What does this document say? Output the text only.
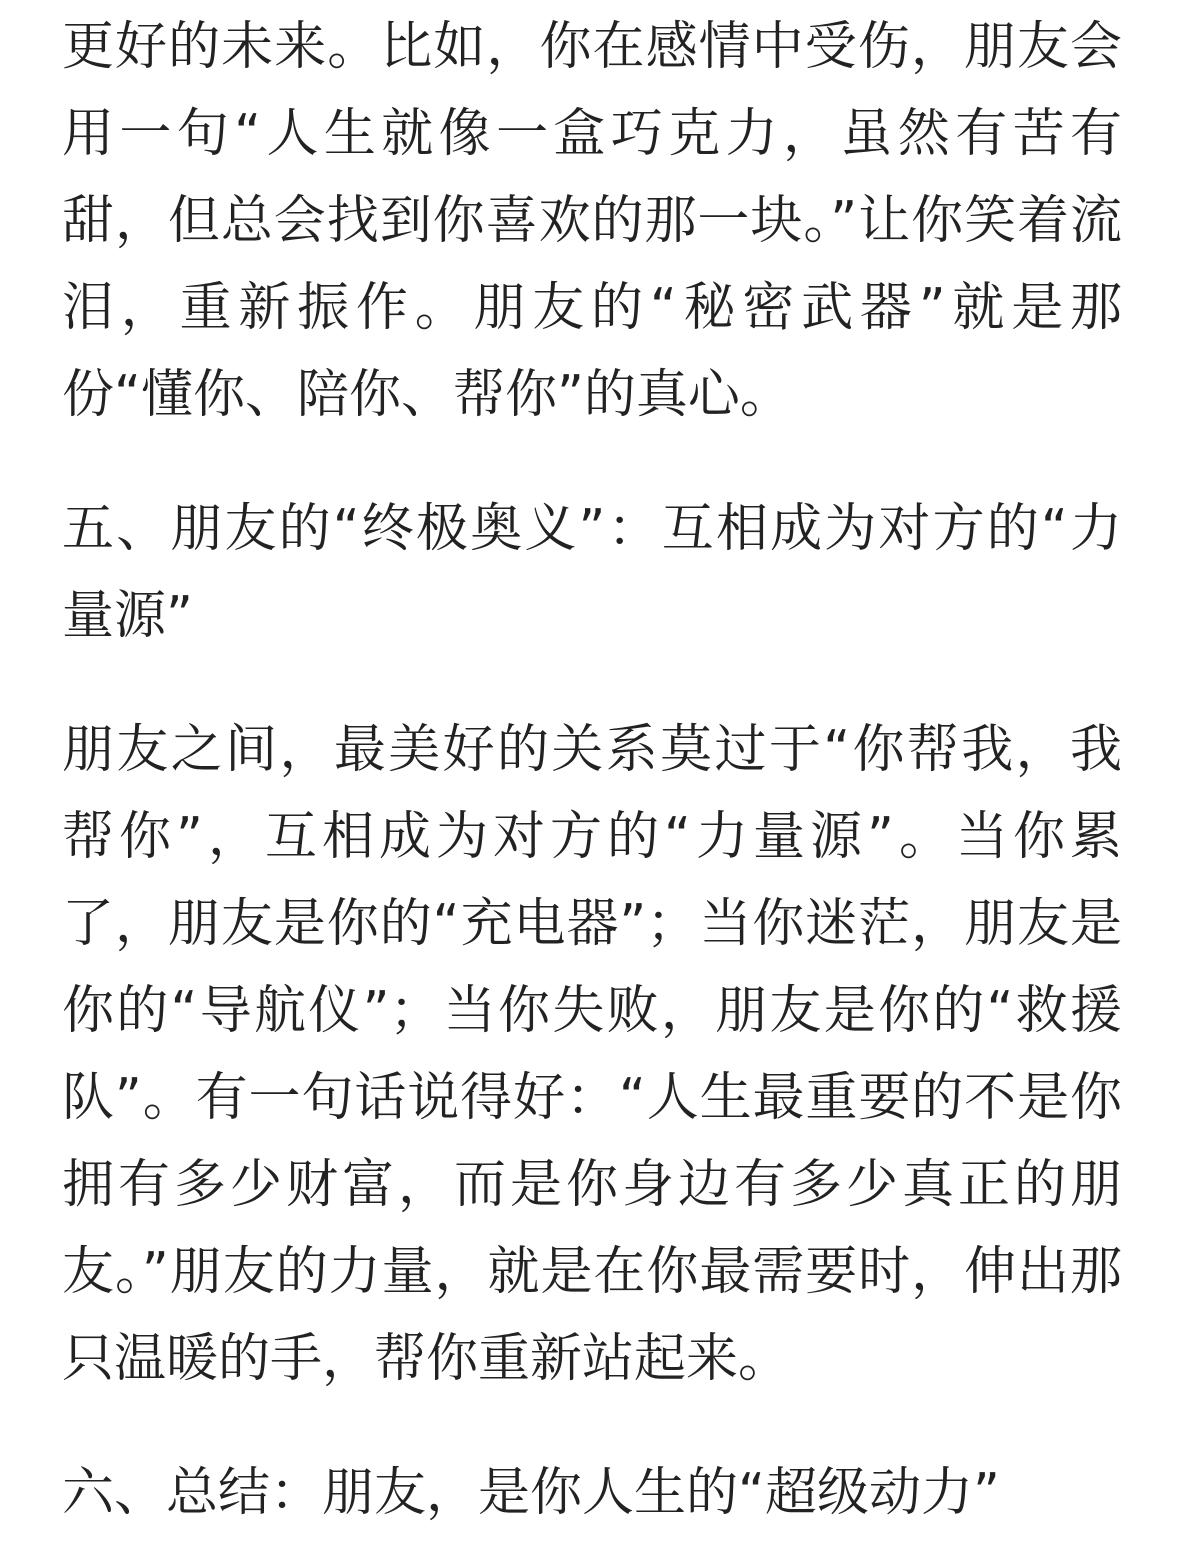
更好的未来。比如，你在感情中受伤，朋友会用一句“人生就像一盒巧克力，虽然有苦有甜，但总会找到你喜欢的那一块。”让你笑着流泪，重新振作。朋友的“秘密武器”就是那份“懂你、陪你、帮你”的真心。

五、朋友的“终极奥义”：互相成为对方的“力量源”

朋友之间，最美好的关系莫过于“你帮我，我帮你”，互相成为对方的“力量源”。当你累了，朋友是你的“充电器”；当你迷茫，朋友是你的“导航仪”；当你失败，朋友是你的“救援队”。有一句话说得好：“人生最重要的不是你拥有多少财富，而是你身边有多少真正的朋友。”朋友的力量，就是在你最需要时，伸出那只温暖的手，帮你重新站起来。

六、总结：朋友，是你人生的“超级动力”
